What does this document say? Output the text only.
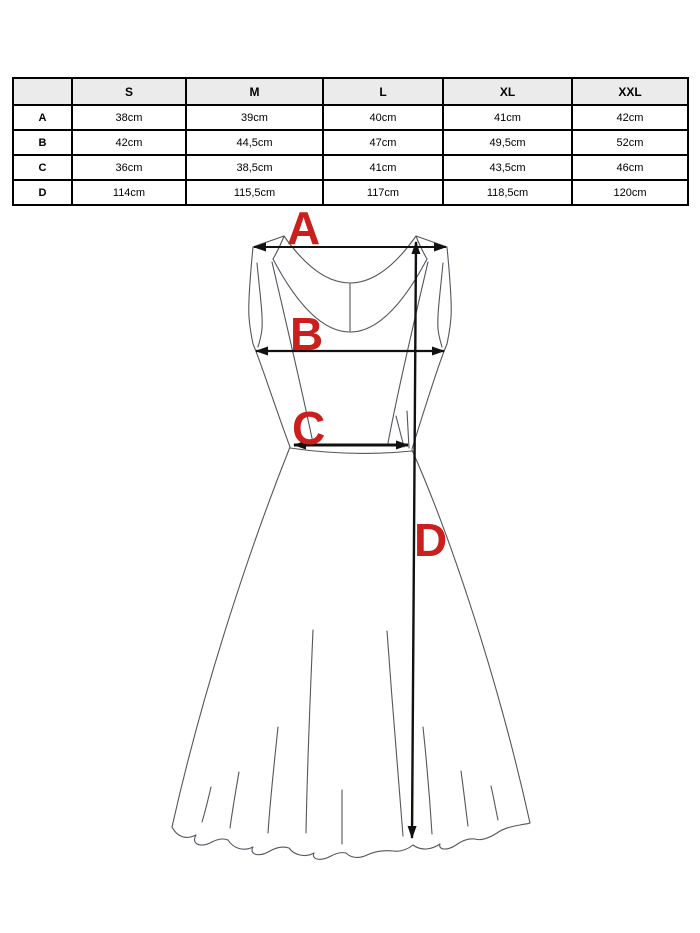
	S	M	L	XL	XXL
A	38cm	39cm	40cm	41cm	42cm
B	42cm	44,5cm	47cm	49,5cm	52cm
C	36cm	38,5cm	41cm	43,5cm	46cm
D	114cm	115,5cm	117cm	118,5cm	120cm
A
B
C
D
